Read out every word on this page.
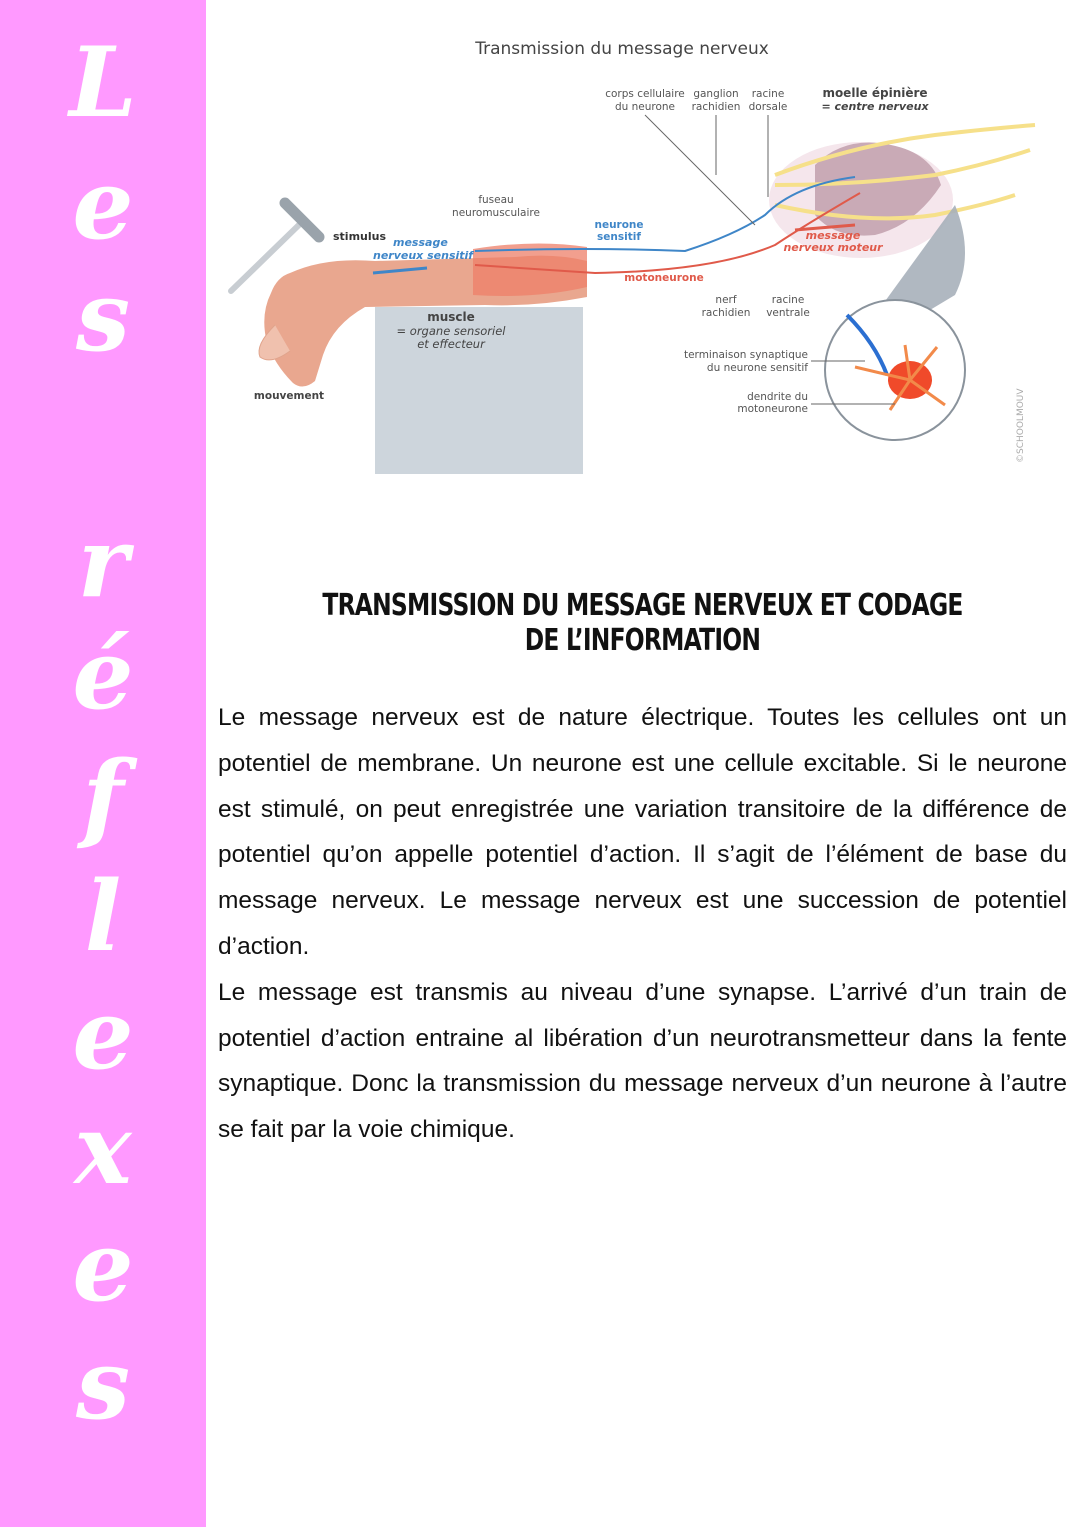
L
e
s
r
é
f
l
e
x
e
s
Transmission du message nerveux
corps cellulaire
du neurone
ganglion
rachidien
racine
dorsale
moelle épinière
= centre nerveux
fuseau
neuromusculaire
neurone
sensitif
stimulus message
nerveux sensitif
message
nerveux moteur
motoneurone
nerf
rachidien
racine
ventrale
muscle
= organe sensoriel
et effecteur
terminaison synaptique
du neurone sensitif
dendrite du
motoneurone
mouvement	©SCHOOLMOUV
TRANSMISSION DU MESSAGE NERVEUX ET CODAGE DE L’INFORMATION

Le message nerveux est de nature électrique. Toutes les cellules ont un potentiel de membrane. Un neurone est une cellule excitable. Si le neurone est stimulé, on peut enregistrée une variation transitoire de la différence de potentiel qu’on appelle potentiel d’action. Il s’agit de l’élément de base du message nerveux. Le message nerveux est une succession de potentiel d’action.

Le message est transmis au niveau d’une synapse. L’arrivé d’un train de potentiel d’action entraine al libération d’un neurotransmetteur dans la fente synaptique. Donc la transmission du message nerveux d’un neurone à l’autre se fait par la voie chimique.
